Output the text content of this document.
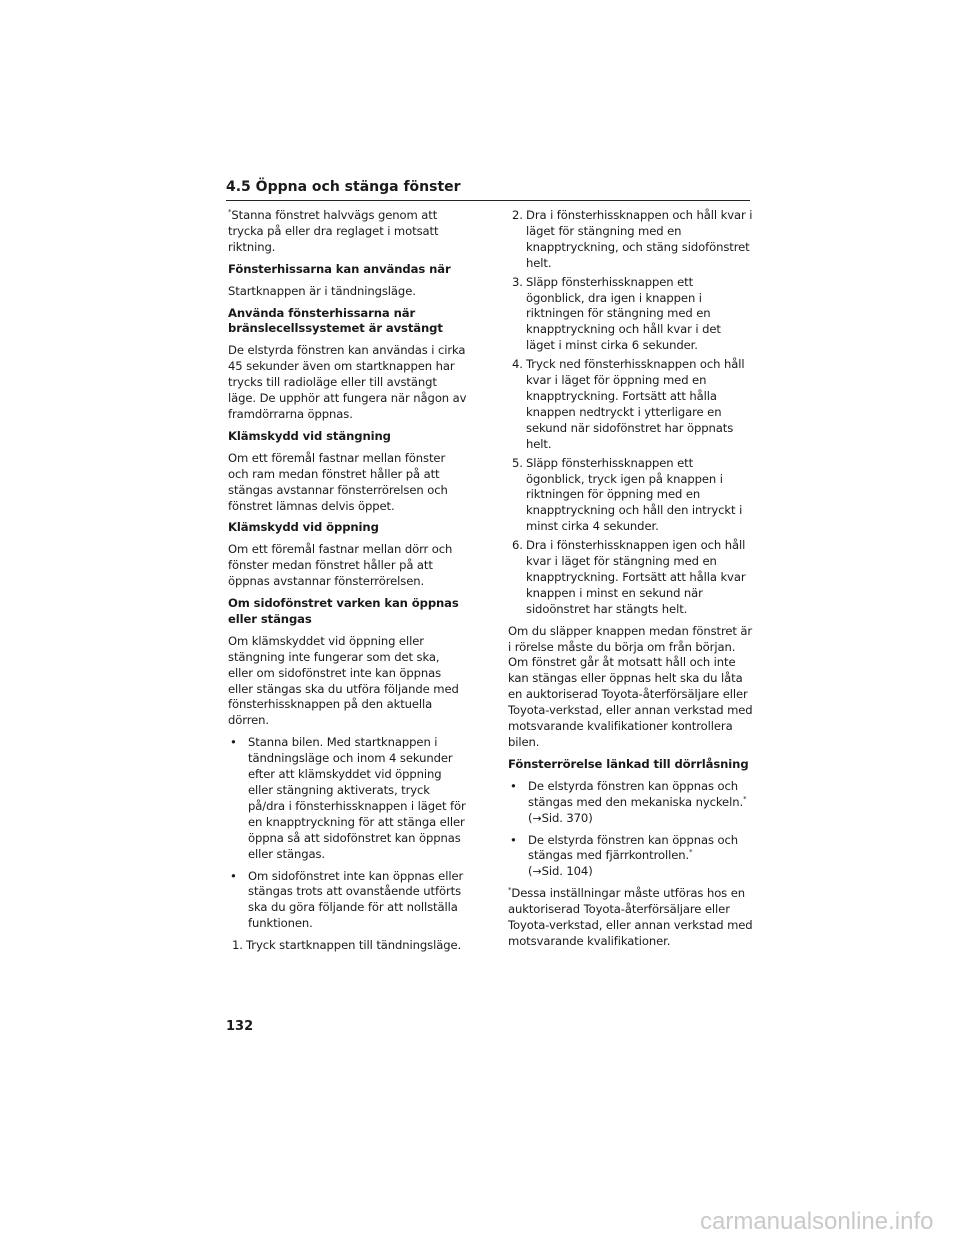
4.5 Öppna och stänga fönster

*Stanna fönstret halvvägs genom att trycka på eller dra reglaget i motsatt riktning.

Fönsterhissarna kan användas när

Startknappen är i tändningsläge.

Använda fönsterhissarna när bränslecellssystemet är avstängt

De elstyrda fönstren kan användas i cirka 45 sekunder även om startknappen har trycks till radioläge eller till avstängt läge. De upphör att fungera när någon av framdörrarna öppnas.

Klämskydd vid stängning

Om ett föremål fastnar mellan fönster och ram medan fönstret håller på att stängas avstannar fönsterrörelsen och fönstret lämnas delvis öppet.

Klämskydd vid öppning

Om ett föremål fastnar mellan dörr och fönster medan fönstret håller på att öppnas avstannar fönsterrörelsen.

Om sidofönstret varken kan öppnas eller stängas

Om klämskyddet vid öppning eller stängning inte fungerar som det ska, eller om sidofönstret inte kan öppnas eller stängas ska du utföra följande med fönsterhissknappen på den aktuella dörren.

• Stanna bilen. Med startknappen i tändningsläge och inom 4 sekunder efter att klämskyddet vid öppning eller stängning aktiverats, tryck på/dra i fönsterhissknappen i läget för en knapptryckning för att stänga eller öppna så att sidofönstret kan öppnas eller stängas.
• Om sidofönstret inte kan öppnas eller stängas trots att ovanstående utförts ska du göra följande för att nollställa funktionen.
1. Tryck startknappen till tändningsläge.
2. Dra i fönsterhissknappen och håll kvar i läget för stängning med en knapptryckning, och stäng sidofönstret helt.
3. Släpp fönsterhissknappen ett ögonblick, dra igen i knappen i riktningen för stängning med en knapptryckning och håll kvar i det läget i minst cirka 6 sekunder.
4. Tryck ned fönsterhissknappen och håll kvar i läget för öppning med en knapptryckning. Fortsätt att hålla knappen nedtryckt i ytterligare en sekund när sidofönstret har öppnats helt.
5. Släpp fönsterhissknappen ett ögonblick, tryck igen på knappen i riktningen för öppning med en knapptryckning och håll den intryckt i minst cirka 4 sekunder.
6. Dra i fönsterhissknappen igen och håll kvar i läget för stängning med en knapptryckning. Fortsätt att hålla kvar knappen i minst en sekund när sidoönstret har stängts helt.

Om du släpper knappen medan fönstret är i rörelse måste du börja om från början. Om fönstret går åt motsatt håll och inte kan stängas eller öppnas helt ska du låta en auktoriserad Toyota-återförsäljare eller Toyota-verkstad, eller annan verkstad med motsvarande kvalifikationer kontrollera bilen.

Fönsterrörelse länkad till dörrlåsning

• De elstyrda fönstren kan öppnas och stängas med den mekaniska nyckeln.*
(→Sid. 370)
• De elstyrda fönstren kan öppnas och stängas med fjärrkontrollen.*
(→Sid. 104)

*Dessa inställningar måste utföras hos en auktoriserad Toyota-återförsäljare eller Toyota-verkstad, eller annan verkstad med motsvarande kvalifikationer.

132
carmanualsonline.info
